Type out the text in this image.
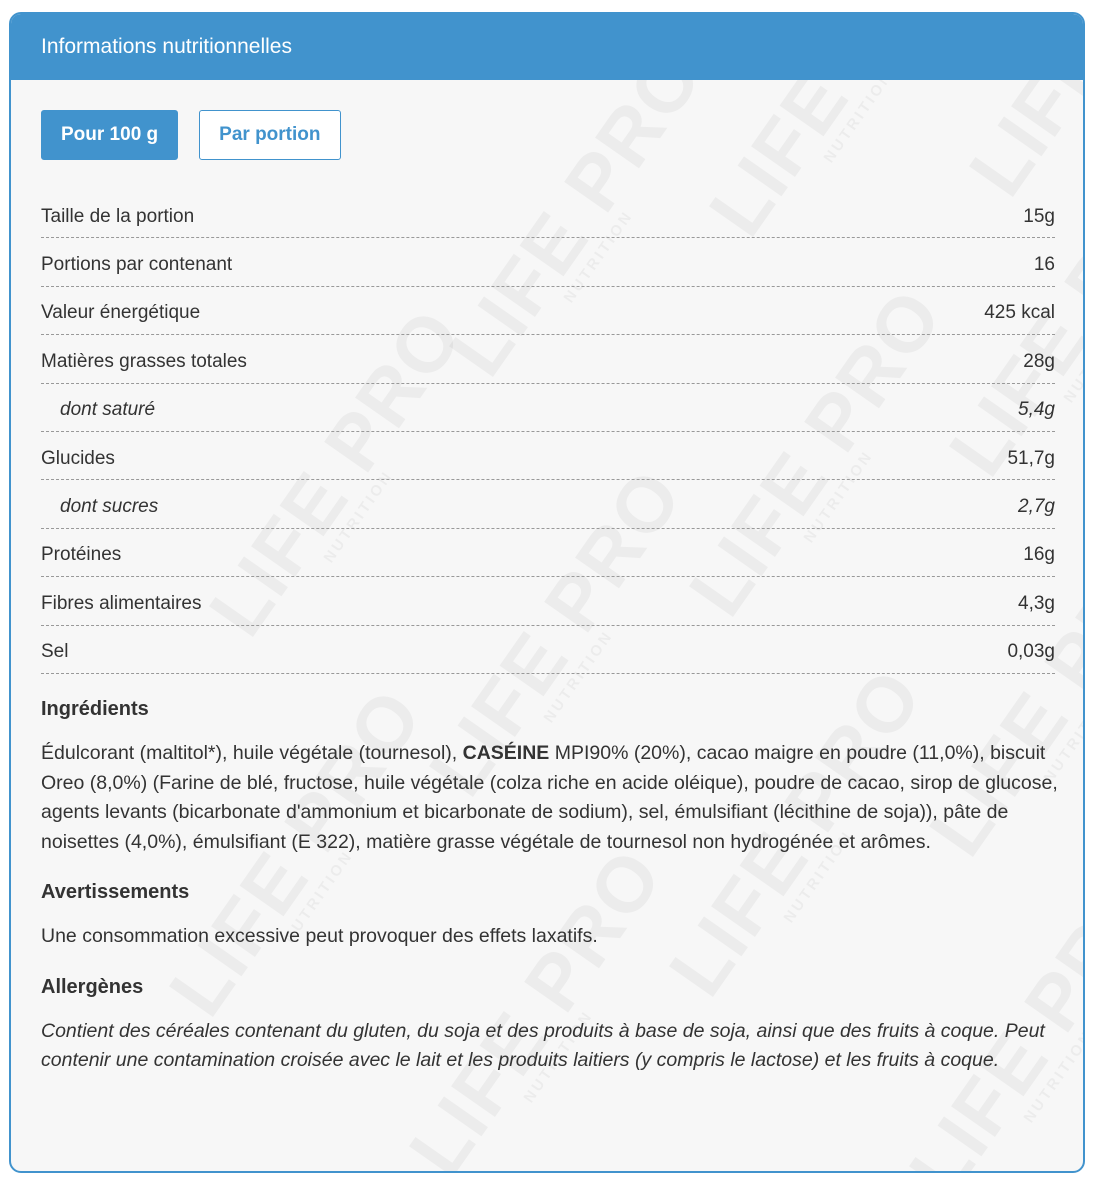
Informations nutritionnelles
Pour 100 g	Par portion
Taille de la portion	15g
Portions par contenant	16
Valeur énergétique	425 kcal
Matières grasses totales	28g
dont saturé	5,4g
Glucides	51,7g
dont sucres	2,7g
Protéines	16g
Fibres alimentaires	4,3g
Sel	0,03g
Ingrédients

Édulcorant (maltitol*), huile végétale (tournesol), CASÉINE MPI90% (20%), cacao maigre en poudre (11,0%), biscuit Oreo (8,0%) (Farine de blé, fructose, huile végétale (colza riche en acide oléique), poudre de cacao, sirop de glucose, agents levants (bicarbonate d'ammonium et bicarbonate de sodium), sel, émulsifiant (lécithine de soja)), pâte de noisettes (4,0%), émulsifiant (E 322), matière grasse végétale de tournesol non hydrogénée et arômes.

Avertissements

Une consommation excessive peut provoquer des effets laxatifs.

Allergènes

Contient des céréales contenant du gluten, du soja et des produits à base de soja, ainsi que des fruits à coque. Peut contenir une contamination croisée avec le lait et les produits laitiers (y compris le lactose) et les fruits à coque.
